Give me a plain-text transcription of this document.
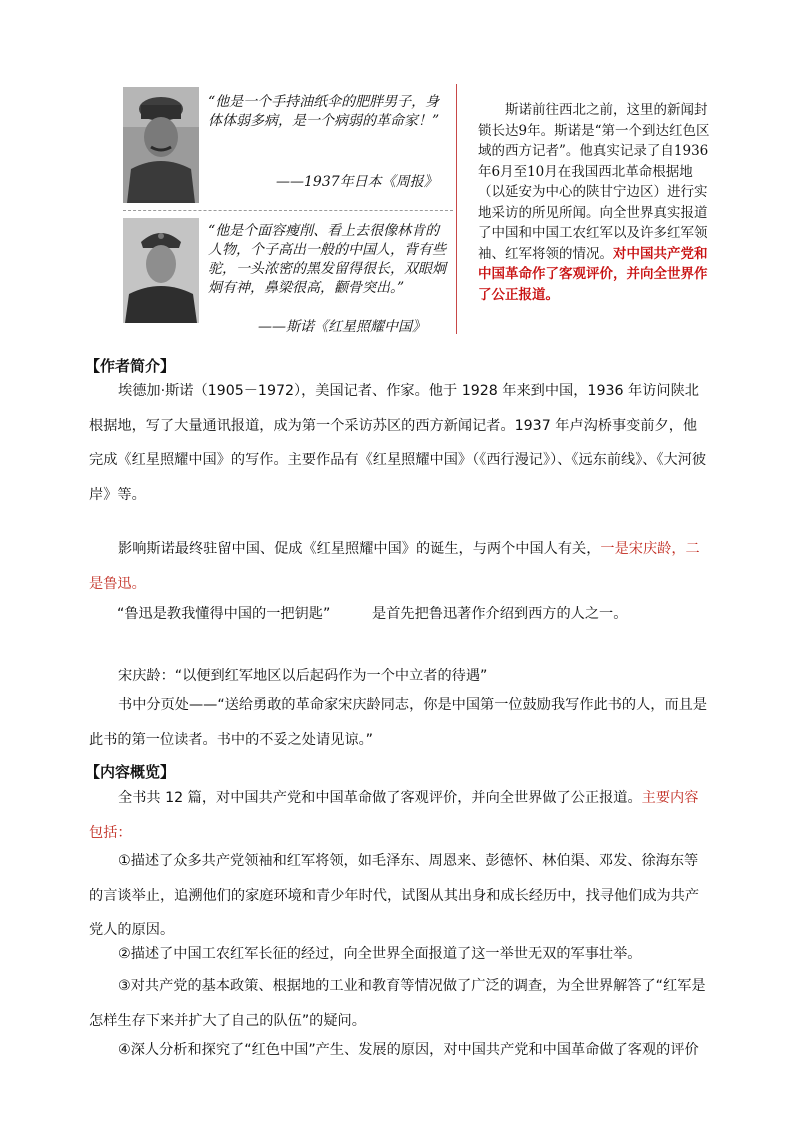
“他是一个手持油纸伞的肥胖男子，身体体弱多病，是一个病弱的革命家！”
——1937年日本《周报》
“他是个面容瘦削、看上去很像林肯的人物，个子高出一般的中国人，背有些驼，一头浓密的黑发留得很长，双眼炯炯有神，鼻梁很高，颧骨突出。”
——斯诺《红星照耀中国》
斯诺前往西北之前，这里的新闻封锁长达9年。斯诺是“第一个到达红色区域的西方记者”。他真实记录了自1936年6月至10月在我国西北革命根据地（以延安为中心的陕甘宁边区）进行实地采访的所见所闻。向全世界真实报道了中国和中国工农红军以及许多红军领袖、红军将领的情况。对中国共产党和中国革命作了客观评价，并向全世界作了公正报道。
【作者简介】
埃德加·斯诺（1905－1972），美国记者、作家。他于 1928 年来到中国，1936 年访问陕北根据地，写了大量通讯报道，成为第一个采访苏区的西方新闻记者。1937 年卢沟桥事变前夕，他完成《红星照耀中国》的写作。主要作品有《红星照耀中国》（《西行漫记》）、《远东前线》、《大河彼岸》等。
影响斯诺最终驻留中国、促成《红星照耀中国》的诞生，与两个中国人有关，一是宋庆龄，二是鲁迅。
“鲁迅是教我懂得中国的一把钥匙”	是首先把鲁迅著作介绍到西方的人之一。
宋庆龄：“以便到红军地区以后起码作为一个中立者的待遇”
书中分页处——“送给勇敢的革命家宋庆龄同志，你是中国第一位鼓励我写作此书的人，而且是此书的第一位读者。书中的不妥之处请见谅。”
【内容概览】
全书共 12 篇，对中国共产党和中国革命做了客观评价，并向全世界做了公正报道。主要内容包括：
①描述了众多共产党领袖和红军将领，如毛泽东、周恩来、彭德怀、林伯渠、邓发、徐海东等的言谈举止，追溯他们的家庭环境和青少年时代，试图从其出身和成长经历中，找寻他们成为共产党人的原因。
②描述了中国工农红军长征的经过，向全世界全面报道了这一举世无双的军事壮举。
③对共产党的基本政策、根据地的工业和教育等情况做了广泛的调查，为全世界解答了“红军是怎样生存下来并扩大了自己的队伍”的疑问。
④深人分析和探究了“红色中国”产生、发展的原因，对中国共产党和中国革命做了客观的评价
